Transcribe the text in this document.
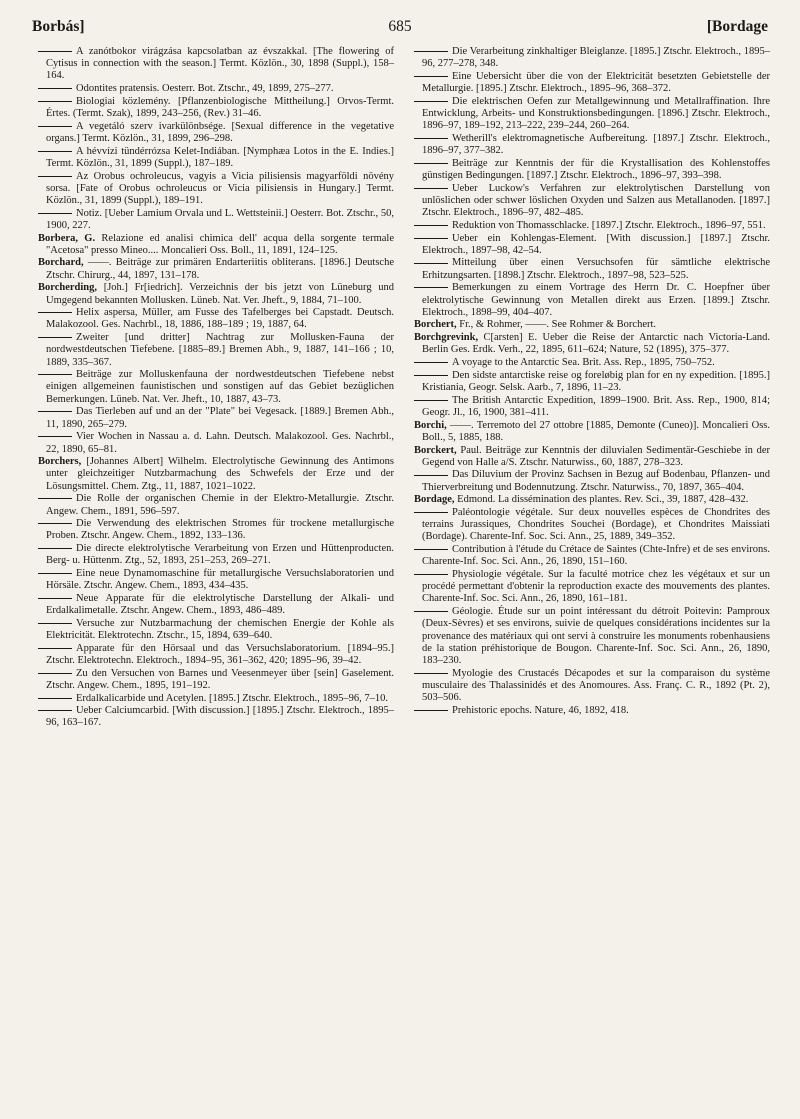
Borbás]	685	[Bordage
A zanótbokor virágzása kapcsolatban az évszakkal. [The flowering of Cytisus in connection with the season.] Termt. Közlön., 30, 1898 (Suppl.), 158–164.
Odontites pratensis. Oesterr. Bot. Ztschr., 49, 1899, 275–277.
Biologiai közlemény. [Pflanzenbiologische Mittheilung.] Orvos-Termt. Értes. (Termt. Szak), 1899, 243–256, (Rev.) 31–46.
A vegetáló szerv ivarkülönbsége. [Sexual difference in the vegetative organs.] Termt. Közlön., 31, 1899, 296–298.
A hévvízi tündérrózsa Kelet-Indiában. [Nymphæa Lotos in the E. Indies.] Termt. Közlön., 31, 1899 (Suppl.), 187–189.
Az Orobus ochroleucus, vagyis a Vicia pilisiensis magyarföldi növény sorsa. [Fate of Orobus ochroleucus or Vicia pilisiensis in Hungary.] Termt. Közlön., 31, 1899 (Suppl.), 189–191.
Notiz. [Ueber Lamium Orvala und L. Wettsteinii.] Oesterr. Bot. Ztschr., 50, 1900, 227.
Borbera, G. Relazione ed analisi chimica dell' acqua della sorgente termale "Acetosa" presso Mineo.... Moncalieri Oss. Boll., 11, 1891, 124–125.
Borchard, ——. Beiträge zur primären Endarteriitis obliterans. [1896.] Deutsche Ztschr. Chirurg., 44, 1897, 131–178.
Borcherding, [Joh.] Fr[iedrich]. Verzeichnis der bis jetzt von Lüneburg und Umgegend bekannten Mollusken. Lüneb. Nat. Ver. Jheft., 9, 1884, 71–100.
Helix aspersa, Müller, am Fusse des Tafelberges bei Capstadt. Deutsch. Malakozool. Ges. Nachrbl., 18, 1886, 188–189 ; 19, 1887, 64.
Zweiter [und dritter] Nachtrag zur Mollusken-Fauna der nordwestdeutschen Tiefebene. [1885–89.] Bremen Abh., 9, 1887, 141–166 ; 10, 1889, 335–367.
Beiträge zur Molluskenfauna der nordwestdeutschen Tiefebene nebst einigen allgemeinen faunistischen und sonstigen auf das Gebiet bezüglichen Bemerkungen. Lüneb. Nat. Ver. Jheft., 10, 1887, 43–73.
Das Tierleben auf und an der "Plate" bei Vegesack. [1889.] Bremen Abh., 11, 1890, 265–279.
Vier Wochen in Nassau a. d. Lahn. Deutsch. Malakozool. Ges. Nachrbl., 22, 1890, 65–81.
Borchers, [Johannes Albert] Wilhelm. Electrolytische Gewinnung des Antimons unter gleichzeitiger Nutzbarmachung des Schwefels der Erze und der Lösungsmittel. Chem. Ztg., 11, 1887, 1021–1022.
Die Rolle der organischen Chemie in der Elektro-Metallurgie. Ztschr. Angew. Chem., 1891, 596–597.
Die Verwendung des elektrischen Stromes für trockene metallurgische Proben. Ztschr. Angew. Chem., 1892, 133–136.
Die directe elektrolytische Verarbeitung von Erzen und Hüttenproducten. Berg- u. Hüttenm. Ztg., 52, 1893, 251–253, 269–271.
Eine neue Dynamomaschine für metallurgische Versuchslaboratorien und Hörsäle. Ztschr. Angew. Chem., 1893, 434–435.
Neue Apparate für die elektrolytische Darstellung der Alkali- und Erdalkalimetalle. Ztschr. Angew. Chem., 1893, 486–489.
Versuche zur Nutzbarmachung der chemischen Energie der Kohle als Elektricität. Elektrotechn. Ztschr., 15, 1894, 639–640.
Apparate für den Hörsaal und das Versuchslaboratorium. [1894–95.] Ztschr. Elektrotechn. Elektroch., 1894–95, 361–362, 420; 1895–96, 39–42.
Zu den Versuchen von Barnes und Veesenmeyer über [sein] Gaselement. Ztschr. Angew. Chem., 1895, 191–192.
Erdalkalicarbide und Acetylen. [1895.] Ztschr. Elektroch., 1895–96, 7–10.
Ueber Calciumcarbid. [With discussion.] [1895.] Ztschr. Elektroch., 1895–96, 163–167.
Die Verarbeitung zinkhaltiger Bleiglanze. [1895.] Ztschr. Elektroch., 1895–96, 277–278, 348.
Eine Uebersicht über die von der Elektricität besetzten Gebietstelle der Metallurgie. [1895.] Ztschr. Elektroch., 1895–96, 368–372.
Die elektrischen Oefen zur Metallgewinnung und Metallraffination. Ihre Entwicklung, Arbeits- und Konstruktionsbedingungen. [1896.] Ztschr. Elektroch., 1896–97, 189–192, 213–222, 239–244, 260–264.
Wetherill's elektromagnetische Aufbereitung. [1897.] Ztschr. Elektroch., 1896–97, 377–382.
Beiträge zur Kenntnis der für die Krystallisation des Kohlenstoffes günstigen Bedingungen. [1897.] Ztschr. Elektroch., 1896–97, 393–398.
Ueber Luckow's Verfahren zur elektrolytischen Darstellung von unlöslichen oder schwer löslichen Oxyden und Salzen aus Metallanoden. [1897.] Ztschr. Elektroch., 1896–97, 482–485.
Reduktion von Thomasschlacke. [1897.] Ztschr. Elektroch., 1896–97, 551.
Ueber ein Kohlengas-Element. [With discussion.] [1897.] Ztschr. Elektroch., 1897–98, 42–54.
Mitteilung über einen Versuchsofen für sämtliche elektrische Erhitzungsarten. [1898.] Ztschr. Elektroch., 1897–98, 523–525.
Bemerkungen zu einem Vortrage des Herrn Dr. C. Hoepfner über elektrolytische Gewinnung von Metallen direkt aus Erzen. [1899.] Ztschr. Elektroch., 1898–99, 404–407.
Borchert, Fr., & Rohmer, ——. See Rohmer & Borchert.
Borchgrevink, C[arsten] E. Ueber die Reise der Antarctic nach Victoria-Land. Berlin Ges. Erdk. Verh., 22, 1895, 611–624; Nature, 52 (1895), 375–377.
A voyage to the Antarctic Sea. Brit. Ass. Rep., 1895, 750–752.
Den sidste antarctiske reise og foreløbig plan for en ny expedition. [1895.] Kristiania, Geogr. Selsk. Aarb., 7, 1896, 11–23.
The British Antarctic Expedition, 1899–1900. Brit. Ass. Rep., 1900, 814; Geogr. Jl., 16, 1900, 381–411.
Borchi, ——. Terremoto del 27 ottobre [1885, Demonte (Cuneo)]. Moncalieri Oss. Boll., 5, 1885, 188.
Borckert, Paul. Beiträge zur Kenntnis der diluvialen Sedimentär-Geschiebe in der Gegend von Halle a/S. Ztschr. Naturwiss., 60, 1887, 278–323.
Das Diluvium der Provinz Sachsen in Bezug auf Bodenbau, Pflanzen- und Thierverbreitung und Bodennutzung. Ztschr. Naturwiss., 70, 1897, 365–404.
Bordage, Edmond. La dissémination des plantes. Rev. Sci., 39, 1887, 428–432.
Paléontologie végétale. Sur deux nouvelles espèces de Chondrites des terrains Jurassiques, Chondrites Souchei (Bordage), et Chondrites Maissiati (Bordage). Charente-Inf. Soc. Sci. Ann., 25, 1889, 349–352.
Contribution à l'étude du Crétace de Saintes (Chte-Infre) et de ses environs. Charente-Inf. Soc. Sci. Ann., 26, 1890, 151–160.
Physiologie végétale. Sur la faculté motrice chez les végétaux et sur un procédé permettant d'obtenir la reproduction exacte des mouvements des plantes. Charente-Inf. Soc. Sci. Ann., 26, 1890, 161–181.
Géologie. Étude sur un point intéressant du détroit Poitevin: Pamproux (Deux-Sèvres) et ses environs, suivie de quelques considérations incidentes sur la provenance des matériaux qui ont servi à construire les monuments robenhausiens de la station préhistorique de Bougon. Charente-Inf. Soc. Sci. Ann., 26, 1890, 183–230.
Myologie des Crustacés Décapodes et sur la comparaison du système musculaire des Thalassinidés et des Anomoures. Ass. Franç. C. R., 1892 (Pt. 2), 503–506.
Prehistoric epochs. Nature, 46, 1892, 418.
